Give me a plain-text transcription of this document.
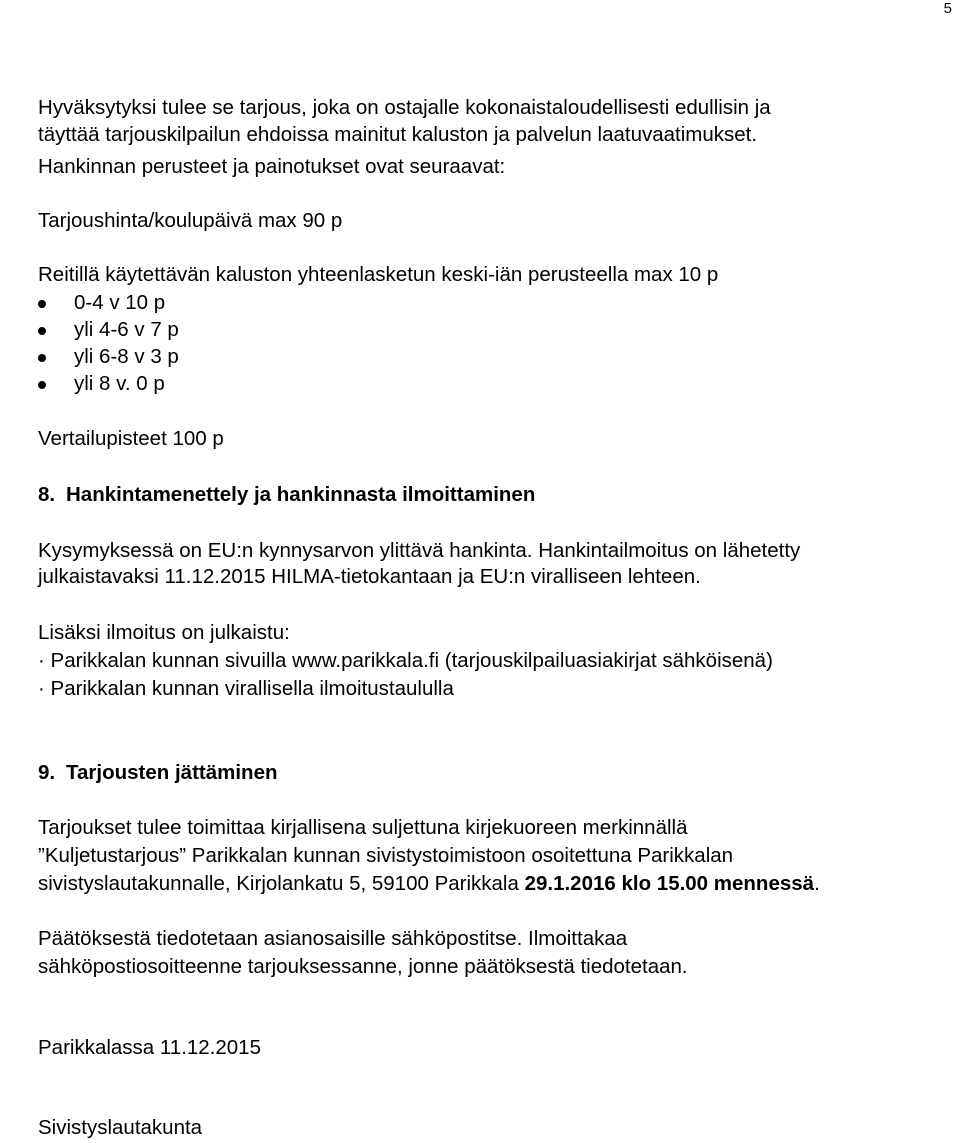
5
Hyväksytyksi tulee se tarjous, joka on ostajalle kokonaistaloudellisesti edullisin ja
täyttää tarjouskilpailun ehdoissa mainitut kaluston ja palvelun laatuvaatimukset.
Hankinnan perusteet ja painotukset ovat seuraavat:
Tarjoushinta/koulupäivä max 90 p
Reitillä käytettävän kaluston yhteenlasketun keski-iän perusteella max 10 p
0-4 v 10 p
yli 4-6 v 7 p
yli 6-8 v 3 p
yli 8 v. 0 p
Vertailupisteet 100 p
8. Hankintamenettely ja hankinnasta ilmoittaminen
Kysymyksessä on EU:n kynnysarvon ylittävä hankinta. Hankintailmoitus on lähetetty
julkaistavaksi 11.12.2015 HILMA-tietokantaan ja EU:n viralliseen lehteen.
Lisäksi ilmoitus on julkaistu:
· Parikkalan kunnan sivuilla www.parikkala.fi (tarjouskilpailuasiakirjat sähköisenä)
· Parikkalan kunnan virallisella ilmoitustaululla
9. Tarjousten jättäminen
Tarjoukset tulee toimittaa kirjallisena suljettuna kirjekuoreen merkinnällä
”Kuljetustarjous” Parikkalan kunnan sivistystoimistoon osoitettuna Parikkalan
sivistyslautakunnalle, Kirjolankatu 5, 59100 Parikkala 29.1.2016 klo 15.00 mennessä.
Päätöksestä tiedotetaan asianosaisille sähköpostitse. Ilmoittakaa
sähköpostiosoitteenne tarjouksessanne, jonne päätöksestä tiedotetaan.
Parikkalassa 11.12.2015
Sivistyslautakunta
